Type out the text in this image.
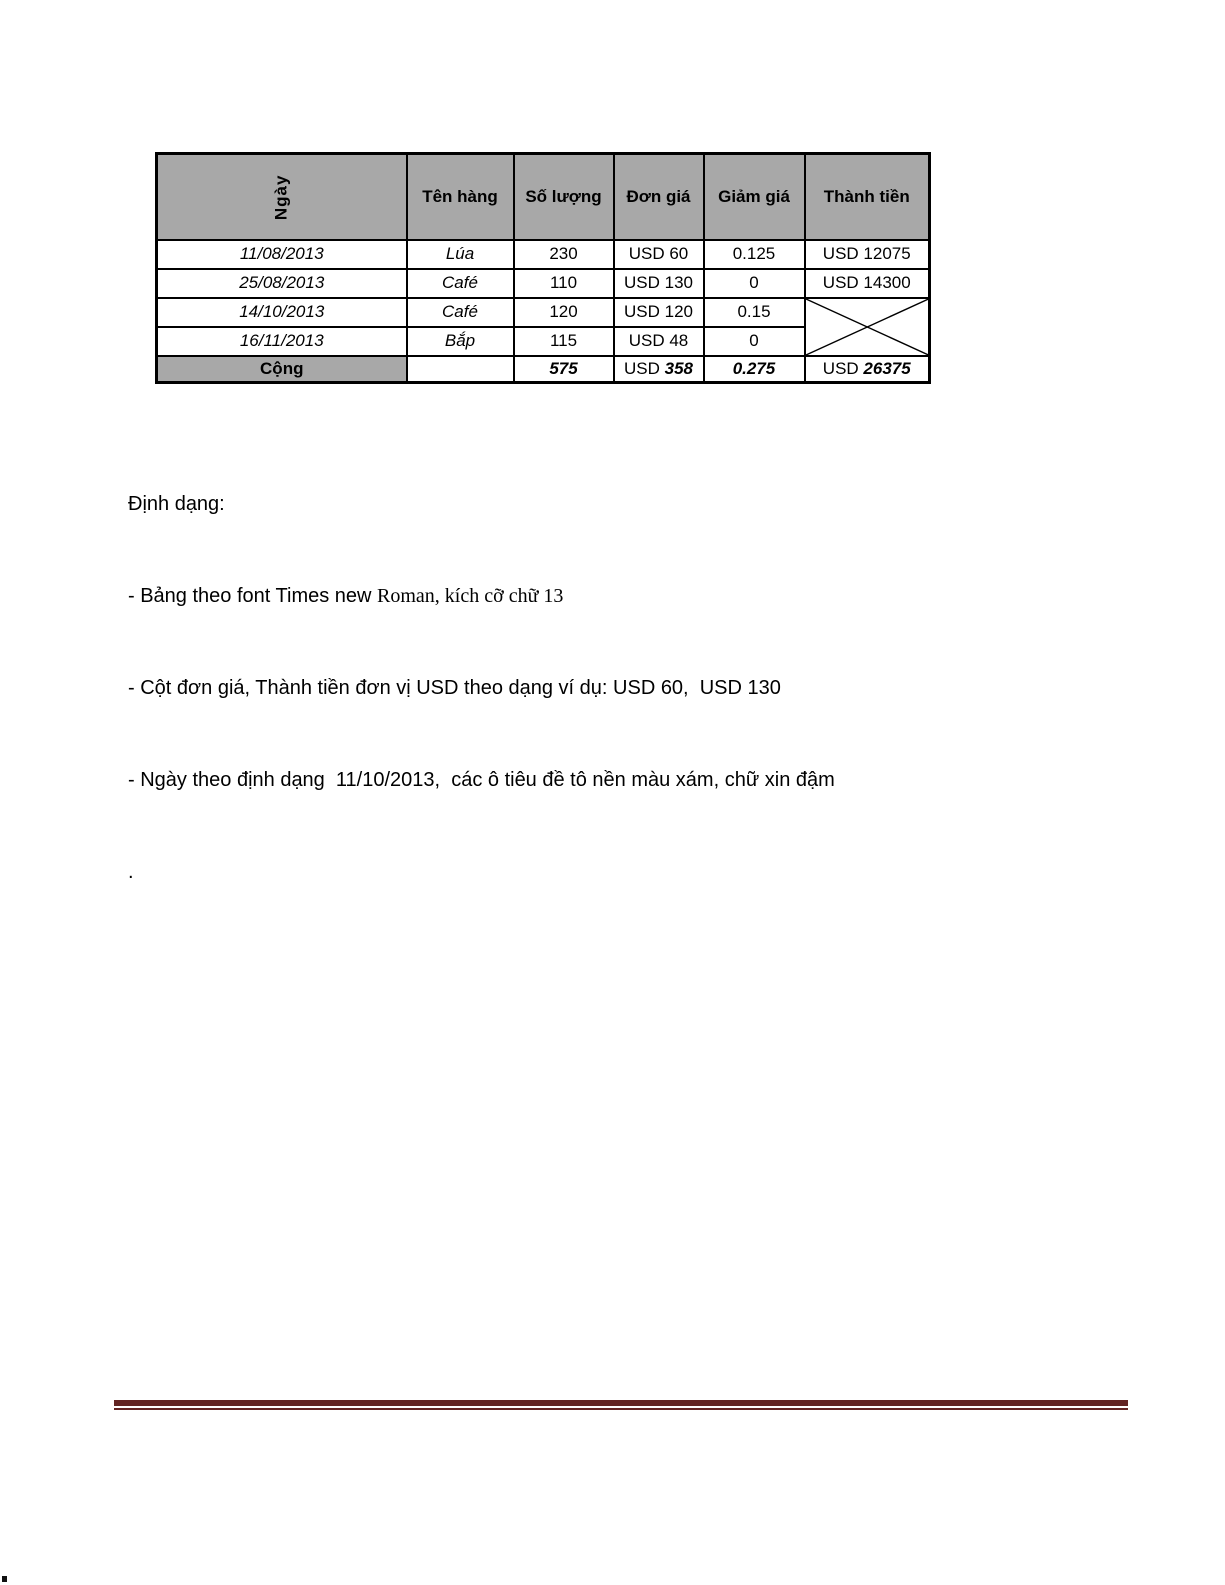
Ngày	Tên hàng	Số lượng	Đơn giá	Giảm giá	Thành tiền
11/08/2013	Lúa	230	USD 60	0.125	USD 12075
25/08/2013	Café	110	USD 130	0	USD 14300
14/10/2013	Café	120	USD 120	0.15	

16/11/2013	Bắp	115	USD 48	0	
Cộng		575	USD 358	0.275	USD 26375

Định dạng:

- Bảng theo font Times new Roman, kích cỡ chữ 13

- Cột đơn giá, Thành tiền đơn vị USD theo dạng ví dụ: USD 60,  USD 130

- Ngày theo định dạng  11/10/2013,  các ô tiêu đề tô nền màu xám, chữ xin đậm

.
